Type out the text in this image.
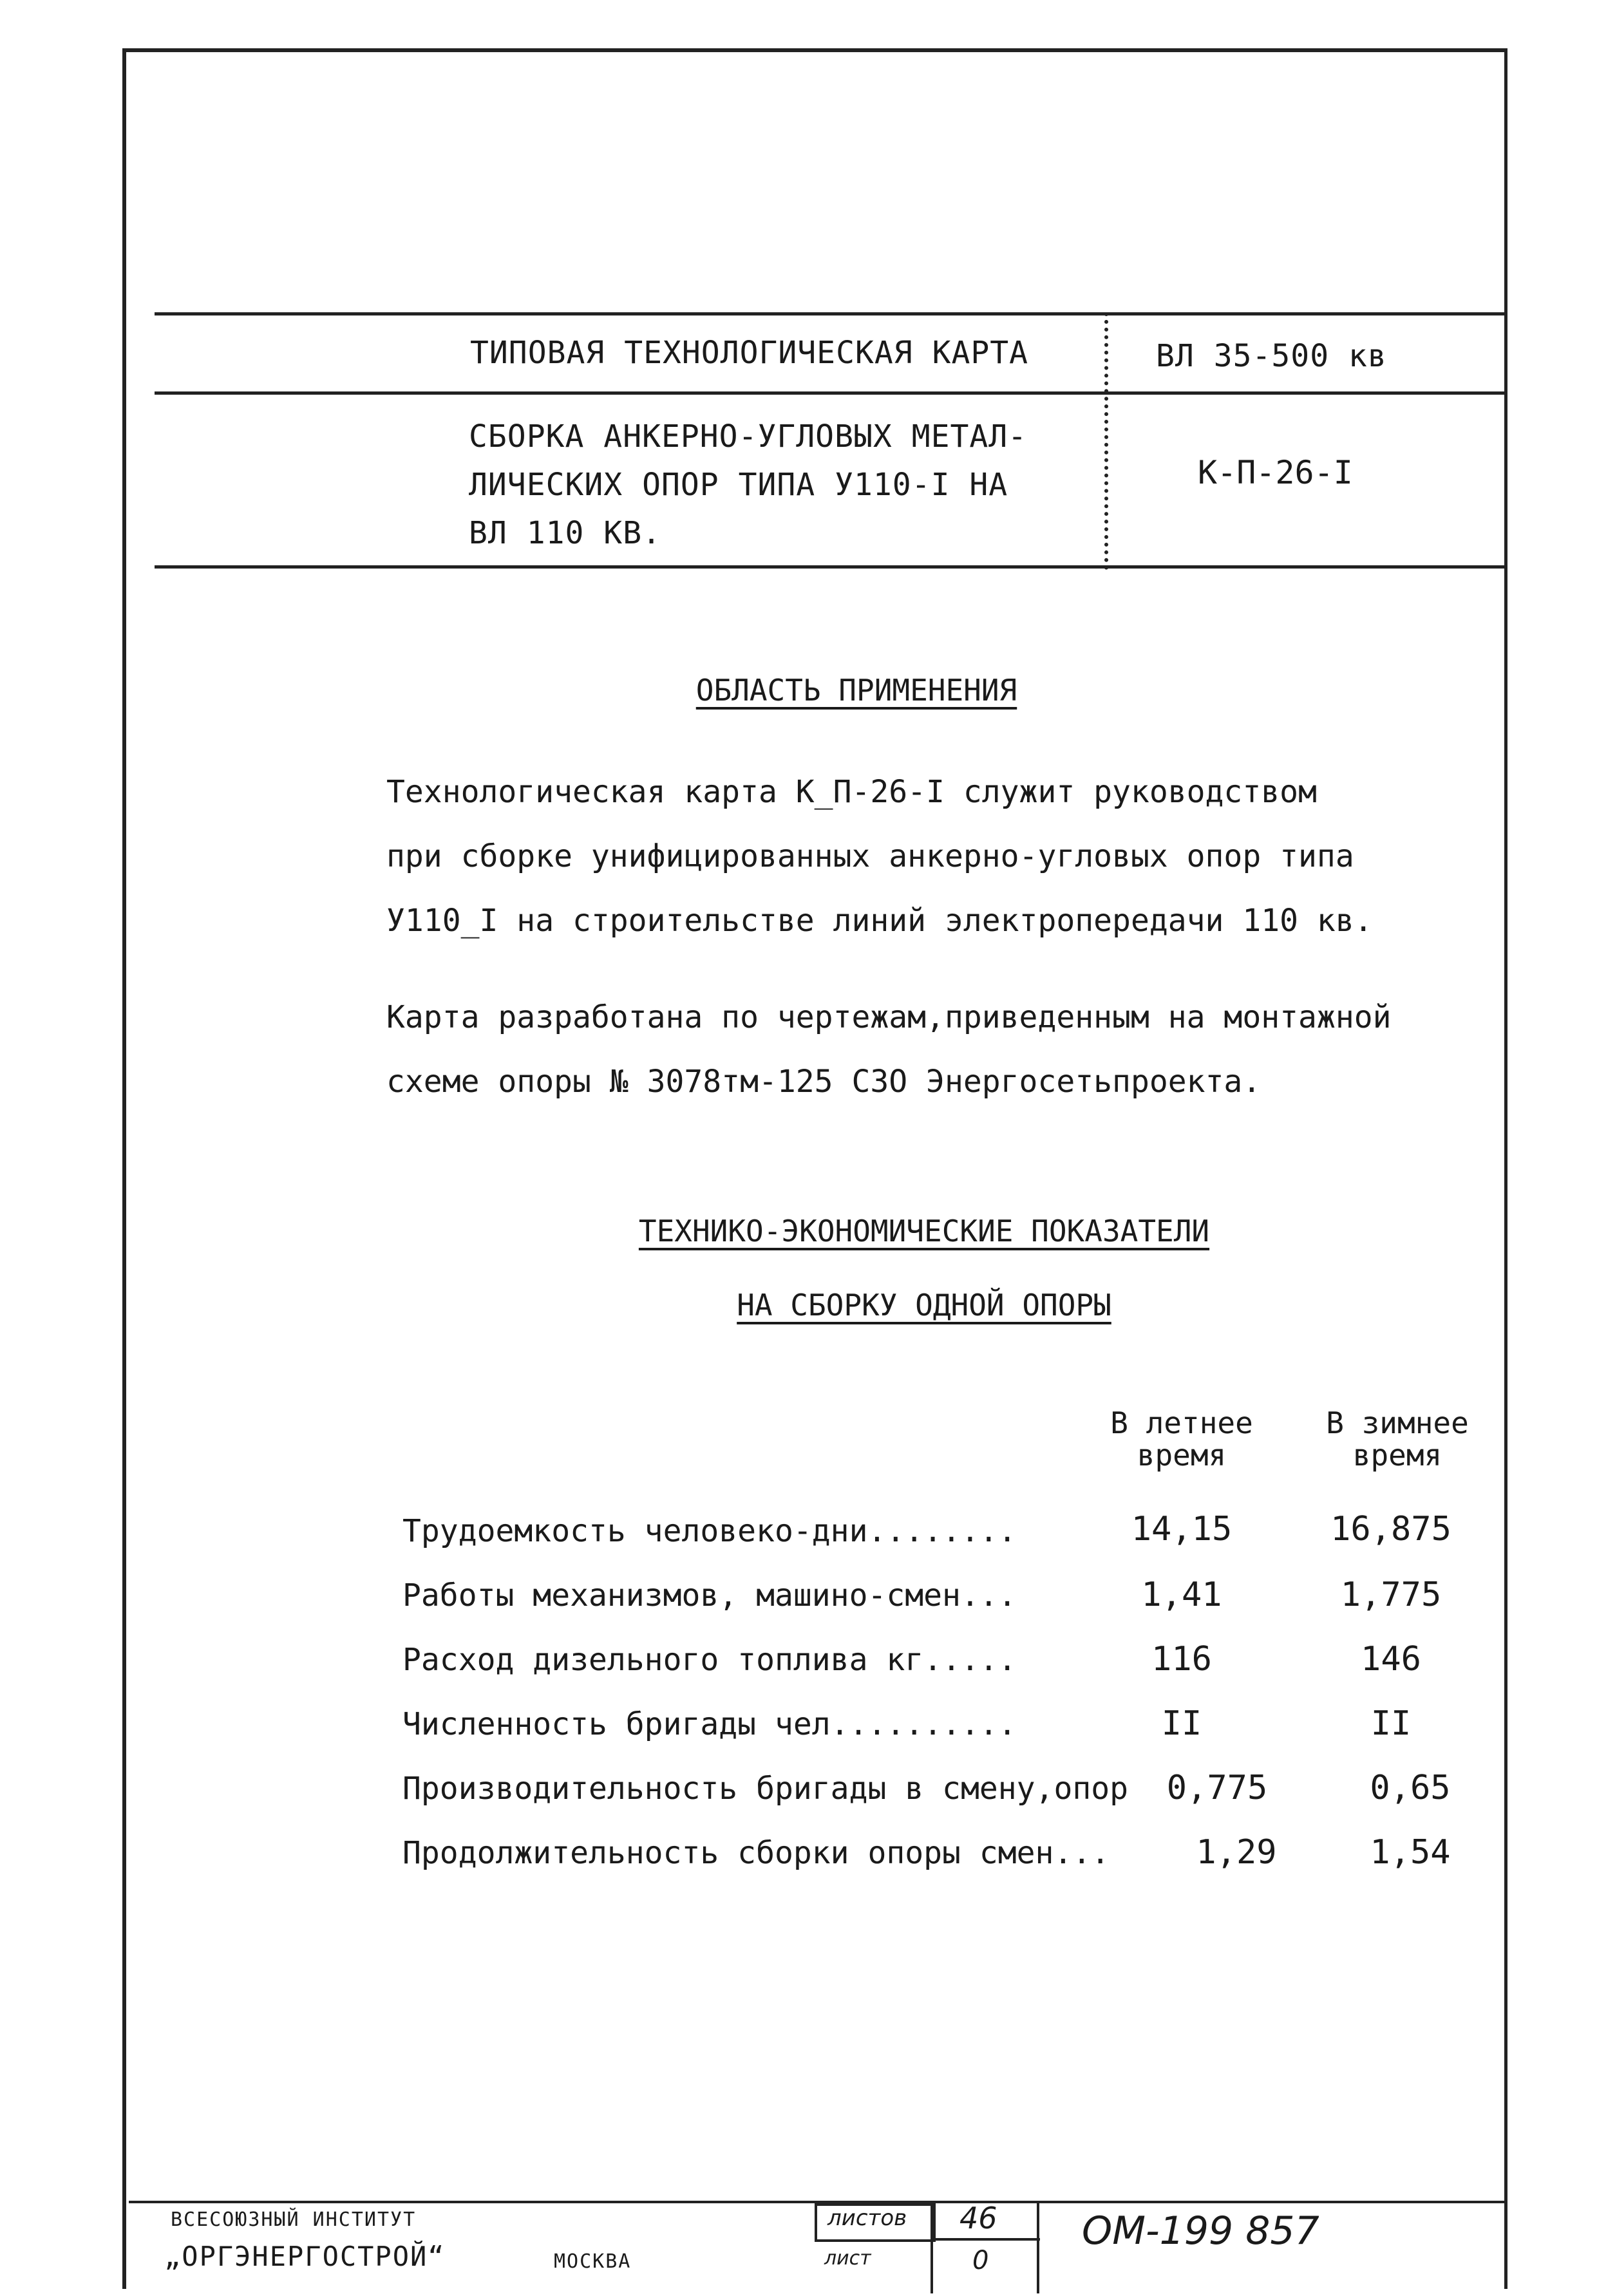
ТИПОВАЯ ТЕХНОЛОГИЧЕСКАЯ КАРТА	ВЛ 35-500 кв
СБОРКА АНКЕРНО-УГЛОВЫХ МЕТАЛ-
ЛИЧЕСКИХ ОПОР ТИПА У110-I НА
ВЛ 110 КВ.
К-П-26-I
ОБЛАСТЬ ПРИМЕНЕНИЯ
Технологическая карта К_П-26-I служит руководством
при сборке унифицированных анкерно-угловых опор типа
У110_I на строительстве линий электропередачи 110 кв.
Карта разработана по чертежам,приведенным на монтажной
схеме опоры № 3078тм-125 СЗО Энергосетьпроекта.
ТЕХНИКО-ЭКОНОМИЧЕСКИЕ ПОКАЗАТЕЛИ
НА СБОРКУ ОДНОЙ ОПОРЫ
В летнее
время
В зимнее
время
Трудоемкость человеко-дни........	14,15	16,875
Работы механизмов, машино-смен...	1,41	1,775
Расход дизельного топлива кг.....	116	146
Численность бригады чел..........	II	II
Производительность бригады в смену,опор	0,775	0,65
Продолжительность сборки опоры смен...	1,29	1,54
ВСЕСОЮЗНЫЙ ИНСТИТУТ
„ОРГЭНЕРГОСТРОЙ“	МОСКВА
листов
лист
46
0
ОМ-199 857
